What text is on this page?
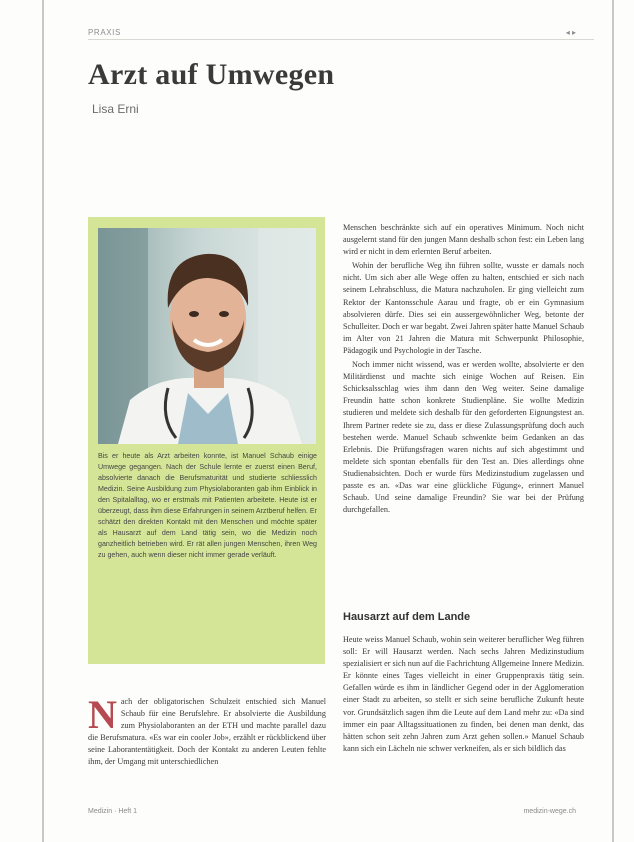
PRAXIS	◂ ▸
Arzt auf Umwegen
Lisa Erni
Bis er heute als Arzt arbeiten konnte, ist Manuel Schaub einige Umwege gegangen. Nach der Schule lernte er zuerst einen Beruf, absolvierte danach die Berufsmaturität und studierte schliesslich Medizin. Seine Ausbildung zum Physiolaboranten gab ihm Einblick in den Spitalalltag, wo er erstmals mit Patienten arbeitete. Heute ist er überzeugt, dass ihm diese Erfahrungen in seinem Arztberuf helfen. Er schätzt den direkten Kontakt mit den Menschen und möchte später als Hausarzt auf dem Land tätig sein, wo die Medizin noch ganzheitlich betrieben wird. Er rät allen jungen Menschen, ihren Weg zu gehen, auch wenn dieser nicht immer gerade verläuft.

Nach der obligatorischen Schulzeit entschied sich Manuel Schaub für eine Berufslehre. Er absolvierte die Ausbildung zum Physiolaboranten an der ETH und machte parallel dazu die Berufsmatura. «Es war ein cooler Job», erzählt er rückblickend über seine Laborantentätigkeit. Doch der Kontakt zu anderen Leuten fehlte ihm, der Umgang mit unterschiedlichen

Menschen beschränkte sich auf ein operatives Minimum. Noch nicht ausgelernt stand für den jungen Mann deshalb schon fest: ein Leben lang wird er nicht in dem erlernten Beruf arbeiten.

Wohin der berufliche Weg ihn führen sollte, wusste er damals noch nicht. Um sich aber alle Wege offen zu halten, entschied er sich nach seinem Lehrabschluss, die Matura nachzuholen. Er ging vielleicht zum Rektor der Kantonsschule Aarau und fragte, ob er ein Gymnasium absolvieren dürfe. Dies sei ein aussergewöhnlicher Weg, betonte der Schulleiter. Doch er war begabt. Zwei Jahren später hatte Manuel Schaub im Alter von 21 Jahren die Matura mit Schwerpunkt Philosophie, Pädagogik und Psychologie in der Tasche.

Noch immer nicht wissend, was er werden wollte, absolvierte er den Militärdienst und machte sich einige Wochen auf Reisen. Ein Schicksalsschlag wies ihm dann den Weg weiter. Seine damalige Freundin hatte schon konkrete Studienpläne. Sie wollte Medizin studieren und meldete sich deshalb für den geforderten Eignungstest an. Ihrem Partner redete sie zu, dass er diese Zulassungsprüfung doch auch bestehen werde. Manuel Schaub schwenkte beim Gedanken an das Erlebnis. Die Prüfungsfragen waren nichts auf sich abgestimmt und meldete sich spontan ebenfalls für den Test an. Dies allerdings ohne Studienabsichten. Doch er wurde fürs Medizinstudium zugelassen und passte es an. «Das war eine glückliche Fügung», erinnert Manuel Schaub. Und seine damalige Freundin? Sie war bei der Prüfung durchgefallen.

Hausarzt auf dem Lande

Heute weiss Manuel Schaub, wohin sein weiterer beruflicher Weg führen soll: Er will Hausarzt werden. Nach sechs Jahren Medizinstudium spezialisiert er sich nun auf die Fachrichtung Allgemeine Innere Medizin. Er könnte eines Tages vielleicht in einer Gruppenpraxis tätig sein. Gefallen würde es ihm in ländlicher Gegend oder in der Agglomeration einer Stadt zu arbeiten, so stellt er sich seine berufliche Zukunft heute vor. Grundsätzlich sagen ihm die Leute auf dem Land mehr zu: «Da sind immer ein paar Alltagssituationen zu finden, bei denen man denkt, das hätten schon seit zehn Jahren zum Arzt gehen sollen.» Manuel Schaub kann sich ein Lächeln nie schwer verkneifen, als er sich bildlich das

Medizin · Heft 1	medizin-wege.ch
